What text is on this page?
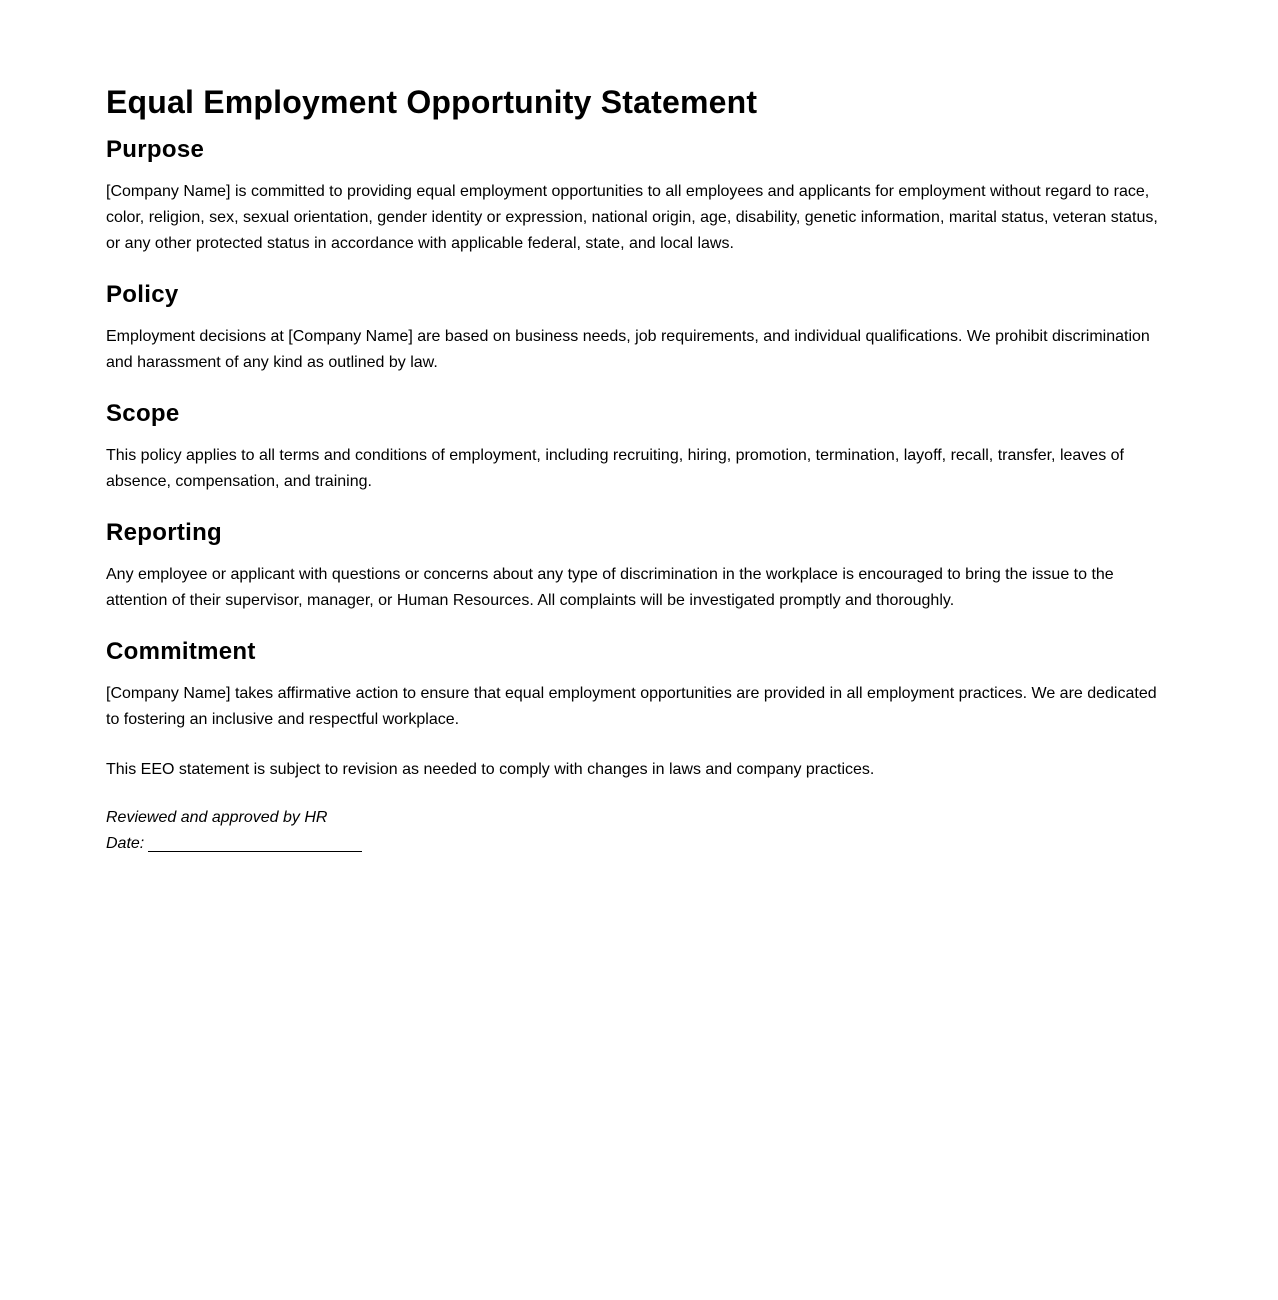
Equal Employment Opportunity Statement
Purpose

[Company Name] is committed to providing equal employment opportunities to all employees and applicants for employment without regard to race, color, religion, sex, sexual orientation, gender identity or expression, national origin, age, disability, genetic information, marital status, veteran status, or any other protected status in accordance with applicable federal, state, and local laws.

Policy

Employment decisions at [Company Name] are based on business needs, job requirements, and individual qualifications. We prohibit discrimination and harassment of any kind as outlined by law.

Scope

This policy applies to all terms and conditions of employment, including recruiting, hiring, promotion, termination, layoff, recall, transfer, leaves of absence, compensation, and training.

Reporting

Any employee or applicant with questions or concerns about any type of discrimination in the workplace is encouraged to bring the issue to the attention of their supervisor, manager, or Human Resources. All complaints will be investigated promptly and thoroughly.

Commitment

[Company Name] takes affirmative action to ensure that equal employment opportunities are provided in all employment practices. We are dedicated to fostering an inclusive and respectful workplace.

This EEO statement is subject to revision as needed to comply with changes in laws and company practices.

Reviewed and approved by HR
Date:
